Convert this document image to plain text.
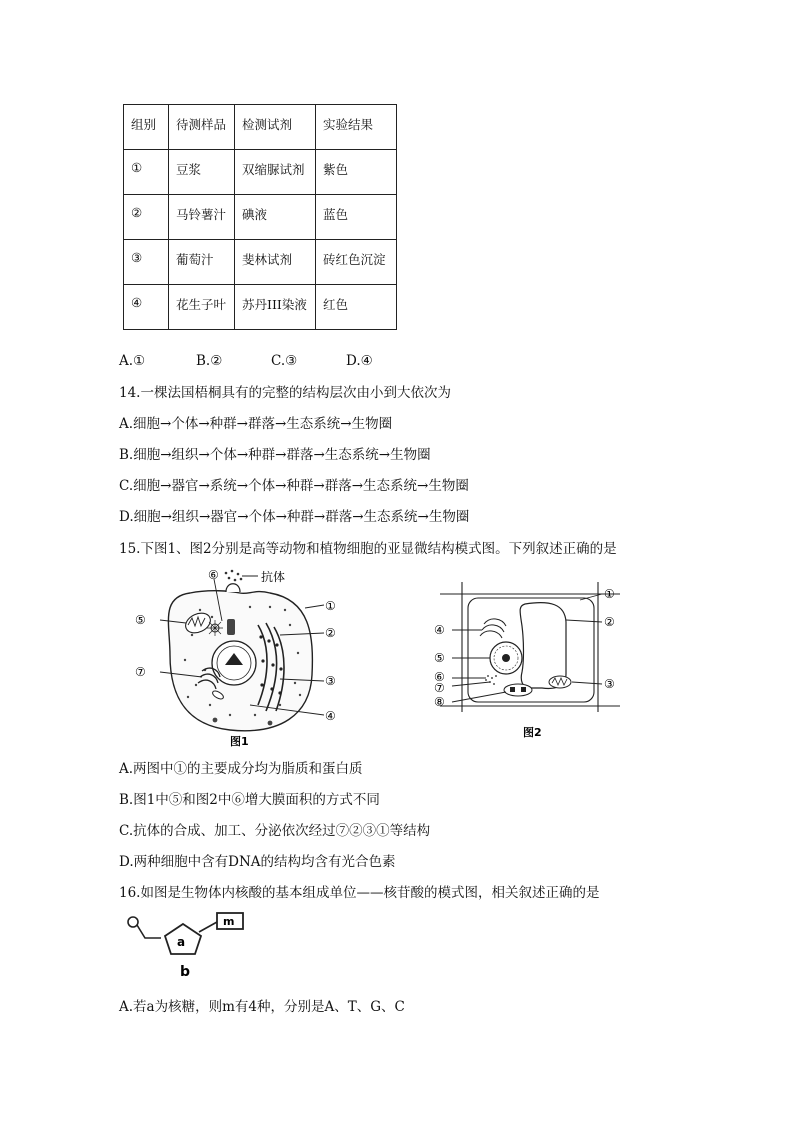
组别	待测样品	检测试剂	实验结果
①	豆浆	双缩脲试剂	紫色
②	马铃薯汁	碘液	蓝色
③	葡萄汁	斐林试剂	砖红色沉淀
④	花生子叶	苏丹III染液	红色
A.①	B.②	C.③	D.④
14.一棵法国梧桐具有的完整的结构层次由小到大依次为
A.细胞→个体→种群→群落→生态系统→生物圈
B.细胞→组织→个体→种群→群落→生态系统→生物圈
C.细胞→器官→系统→个体→种群→群落→生态系统→生物圈
D.细胞→组织→器官→个体→种群→群落→生态系统→生物圈
15.下图1、图2分别是高等动物和植物细胞的亚显微结构模式图。下列叙述正确的是
抗体
⑥
⑤
⑦
①
②
③
④
图1
①
②
③
④
⑤
⑥
⑦
⑧
图2
A.两图中①的主要成分均为脂质和蛋白质
B.图1中⑤和图2中⑥增大膜面积的方式不同
C.抗体的合成、加工、分泌依次经过⑦②③①等结构
D.两种细胞中含有DNA的结构均含有光合色素
16.如图是生物体内核酸的基本组成单位——核苷酸的模式图，相关叙述正确的是
a
m
b
A.若a为核糖，则m有4种，分别是A、T、G、C
